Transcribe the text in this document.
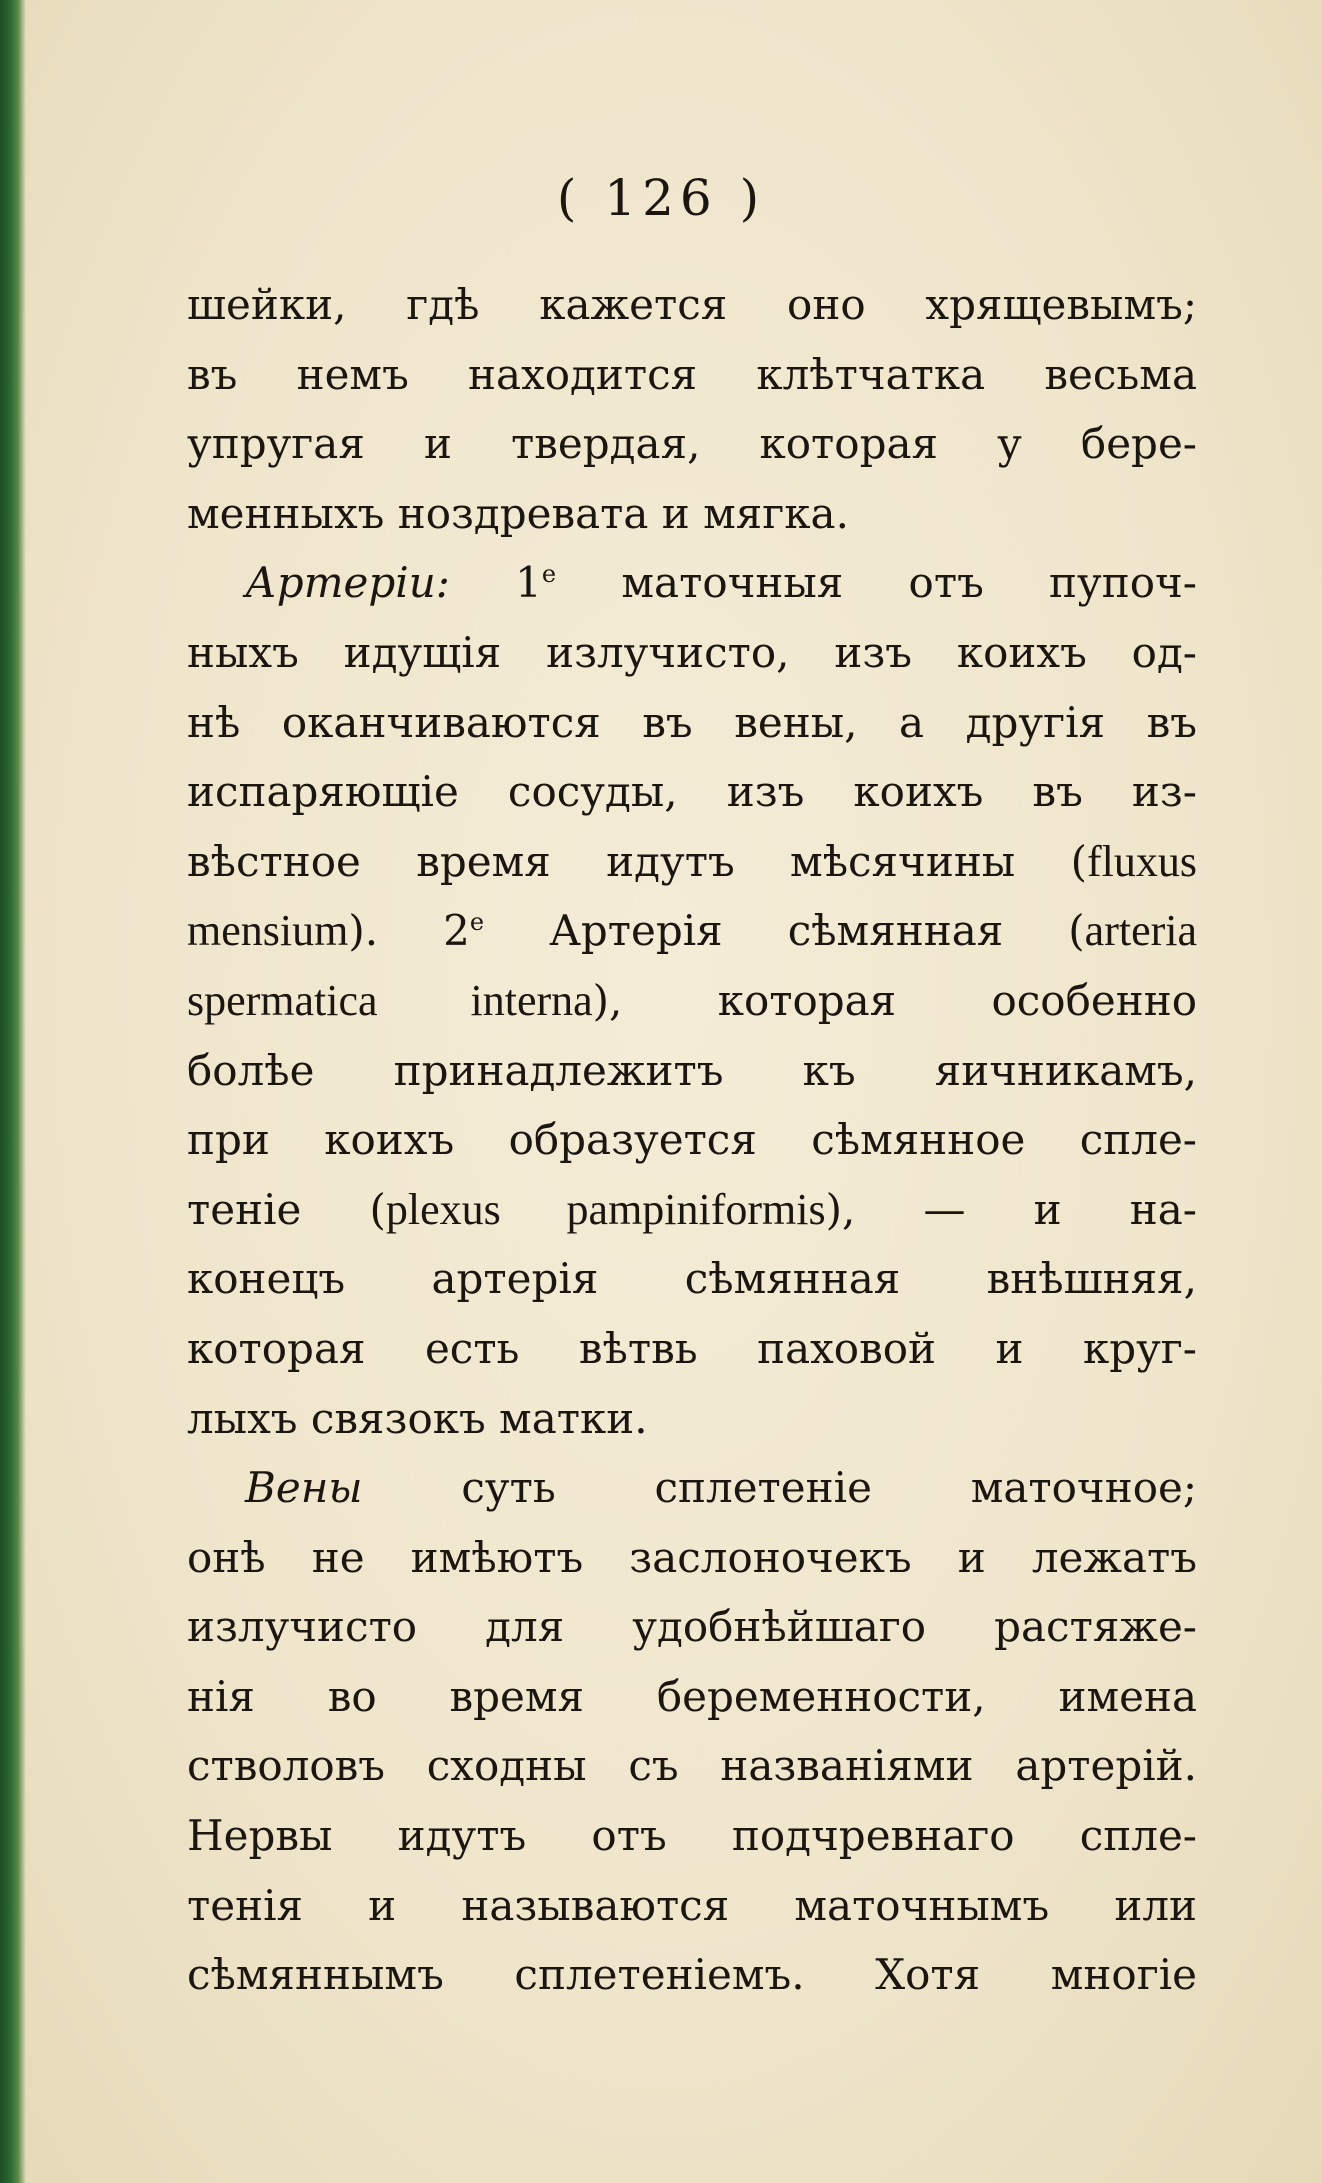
( 126 )
шейки, гдѣ кажется оно хрящевымъ;
въ немъ находится клѣтчатка весьма
упругая и твердая, которая у бере-
менныхъ ноздревата и мягка.
Артеріи: 1e маточныя отъ пупоч-
ныхъ идущія излучисто, изъ коихъ од-
нѣ оканчиваются въ вены, а другія въ
испаряющіе сосуды, изъ коихъ въ из-
вѣстное время идутъ мѣсячины (fluxus
mensium). 2e Артерія сѣмянная (arteria
spermatica interna), которая особенно
болѣе принадлежитъ къ яичникамъ,
при коихъ образуется сѣмянное спле-
теніе (plexus pampiniformis), — и на-
конецъ артерія сѣмянная внѣшняя,
которая есть вѣтвь паховой и круг-
лыхъ связокъ матки.
Вены суть сплетеніе маточное;
онѣ не имѣютъ заслоночекъ и лежатъ
излучисто для удобнѣйшаго растяже-
нія во время беременности, имена
стволовъ сходны съ названіями артерій.
Нервы идутъ отъ подчревнаго спле-
тенія и называются маточнымъ или
сѣмяннымъ сплетеніемъ. Хотя многіе
